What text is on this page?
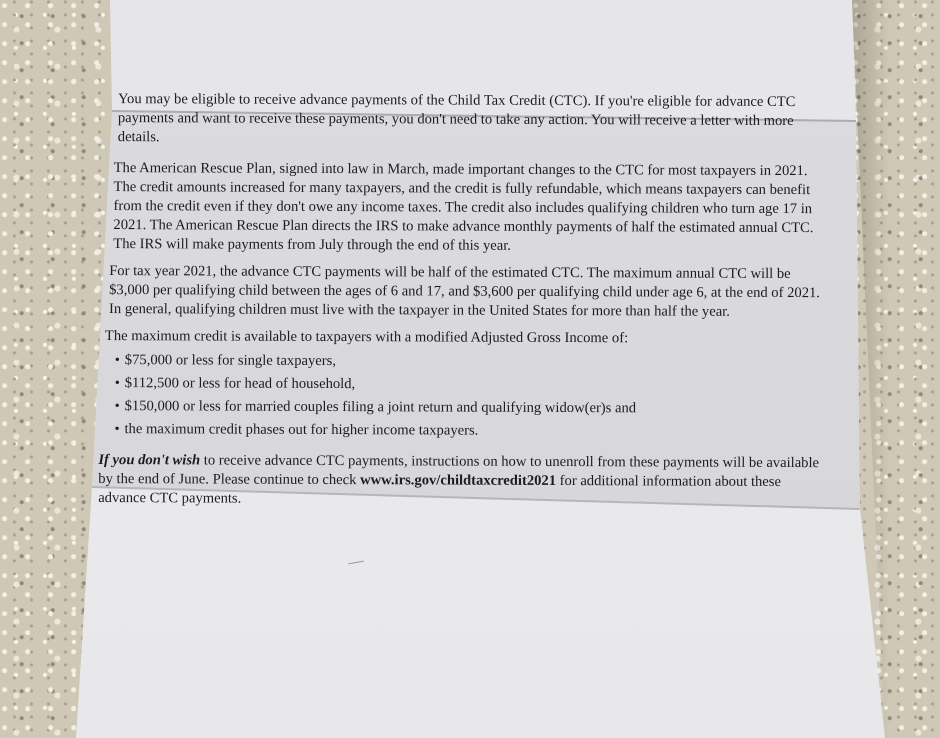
You may be eligible to receive advance payments of the Child Tax Credit (CTC). If you're eligible for advance CTC payments and want to receive these payments, you don't need to take any action. You will receive a letter with more details.

The American Rescue Plan, signed into law in March, made important changes to the CTC for most taxpayers in 2021. The credit amounts increased for many taxpayers, and the credit is fully refundable, which means taxpayers can benefit from the credit even if they don't owe any income taxes. The credit also includes qualifying children who turn age 17 in 2021. The American Rescue Plan directs the IRS to make advance monthly payments of half the estimated annual CTC. The IRS will make payments from July through the end of this year.

For tax year 2021, the advance CTC payments will be half of the estimated CTC. The maximum annual CTC will be $3,000 per qualifying child between the ages of 6 and 17, and $3,600 per qualifying child under age 6, at the end of 2021. In general, qualifying children must live with the taxpayer in the United States for more than half the year.

The maximum credit is available to taxpayers with a modified Adjusted Gross Income of:

• $75,000 or less for single taxpayers,
• $112,500 or less for head of household,
• $150,000 or less for married couples filing a joint return and qualifying widow(er)s and
• the maximum credit phases out for higher income taxpayers.

If you don't wish to receive advance CTC payments, instructions on how to unenroll from these payments will be available by the end of June. Please continue to check www.irs.gov/childtaxcredit2021 for additional information about these advance CTC payments.
